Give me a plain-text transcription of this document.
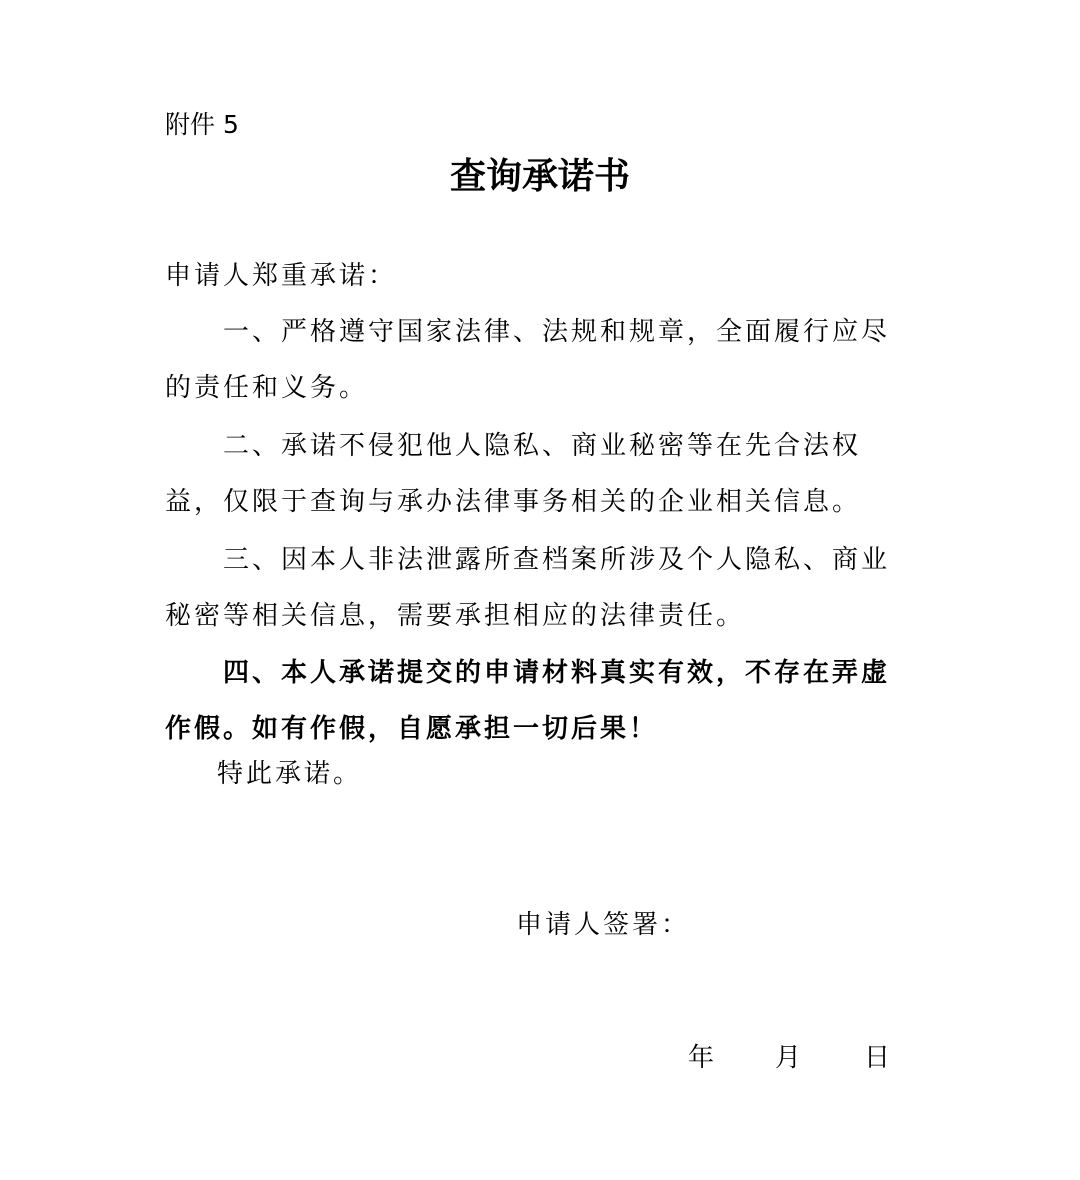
附件 5
查询承诺书
申请人郑重承诺：
一、严格遵守国家法律、法规和规章，全面履行应尽的责任和义务。
二、承诺不侵犯他人隐私、商业秘密等在先合法权益，仅限于查询与承办法律事务相关的企业相关信息。
三、因本人非法泄露所查档案所涉及个人隐私、商业秘密等相关信息，需要承担相应的法律责任。
四、本人承诺提交的申请材料真实有效，不存在弄虚作假。如有作假，自愿承担一切后果！
特此承诺。
申请人签署：
年 月 日
